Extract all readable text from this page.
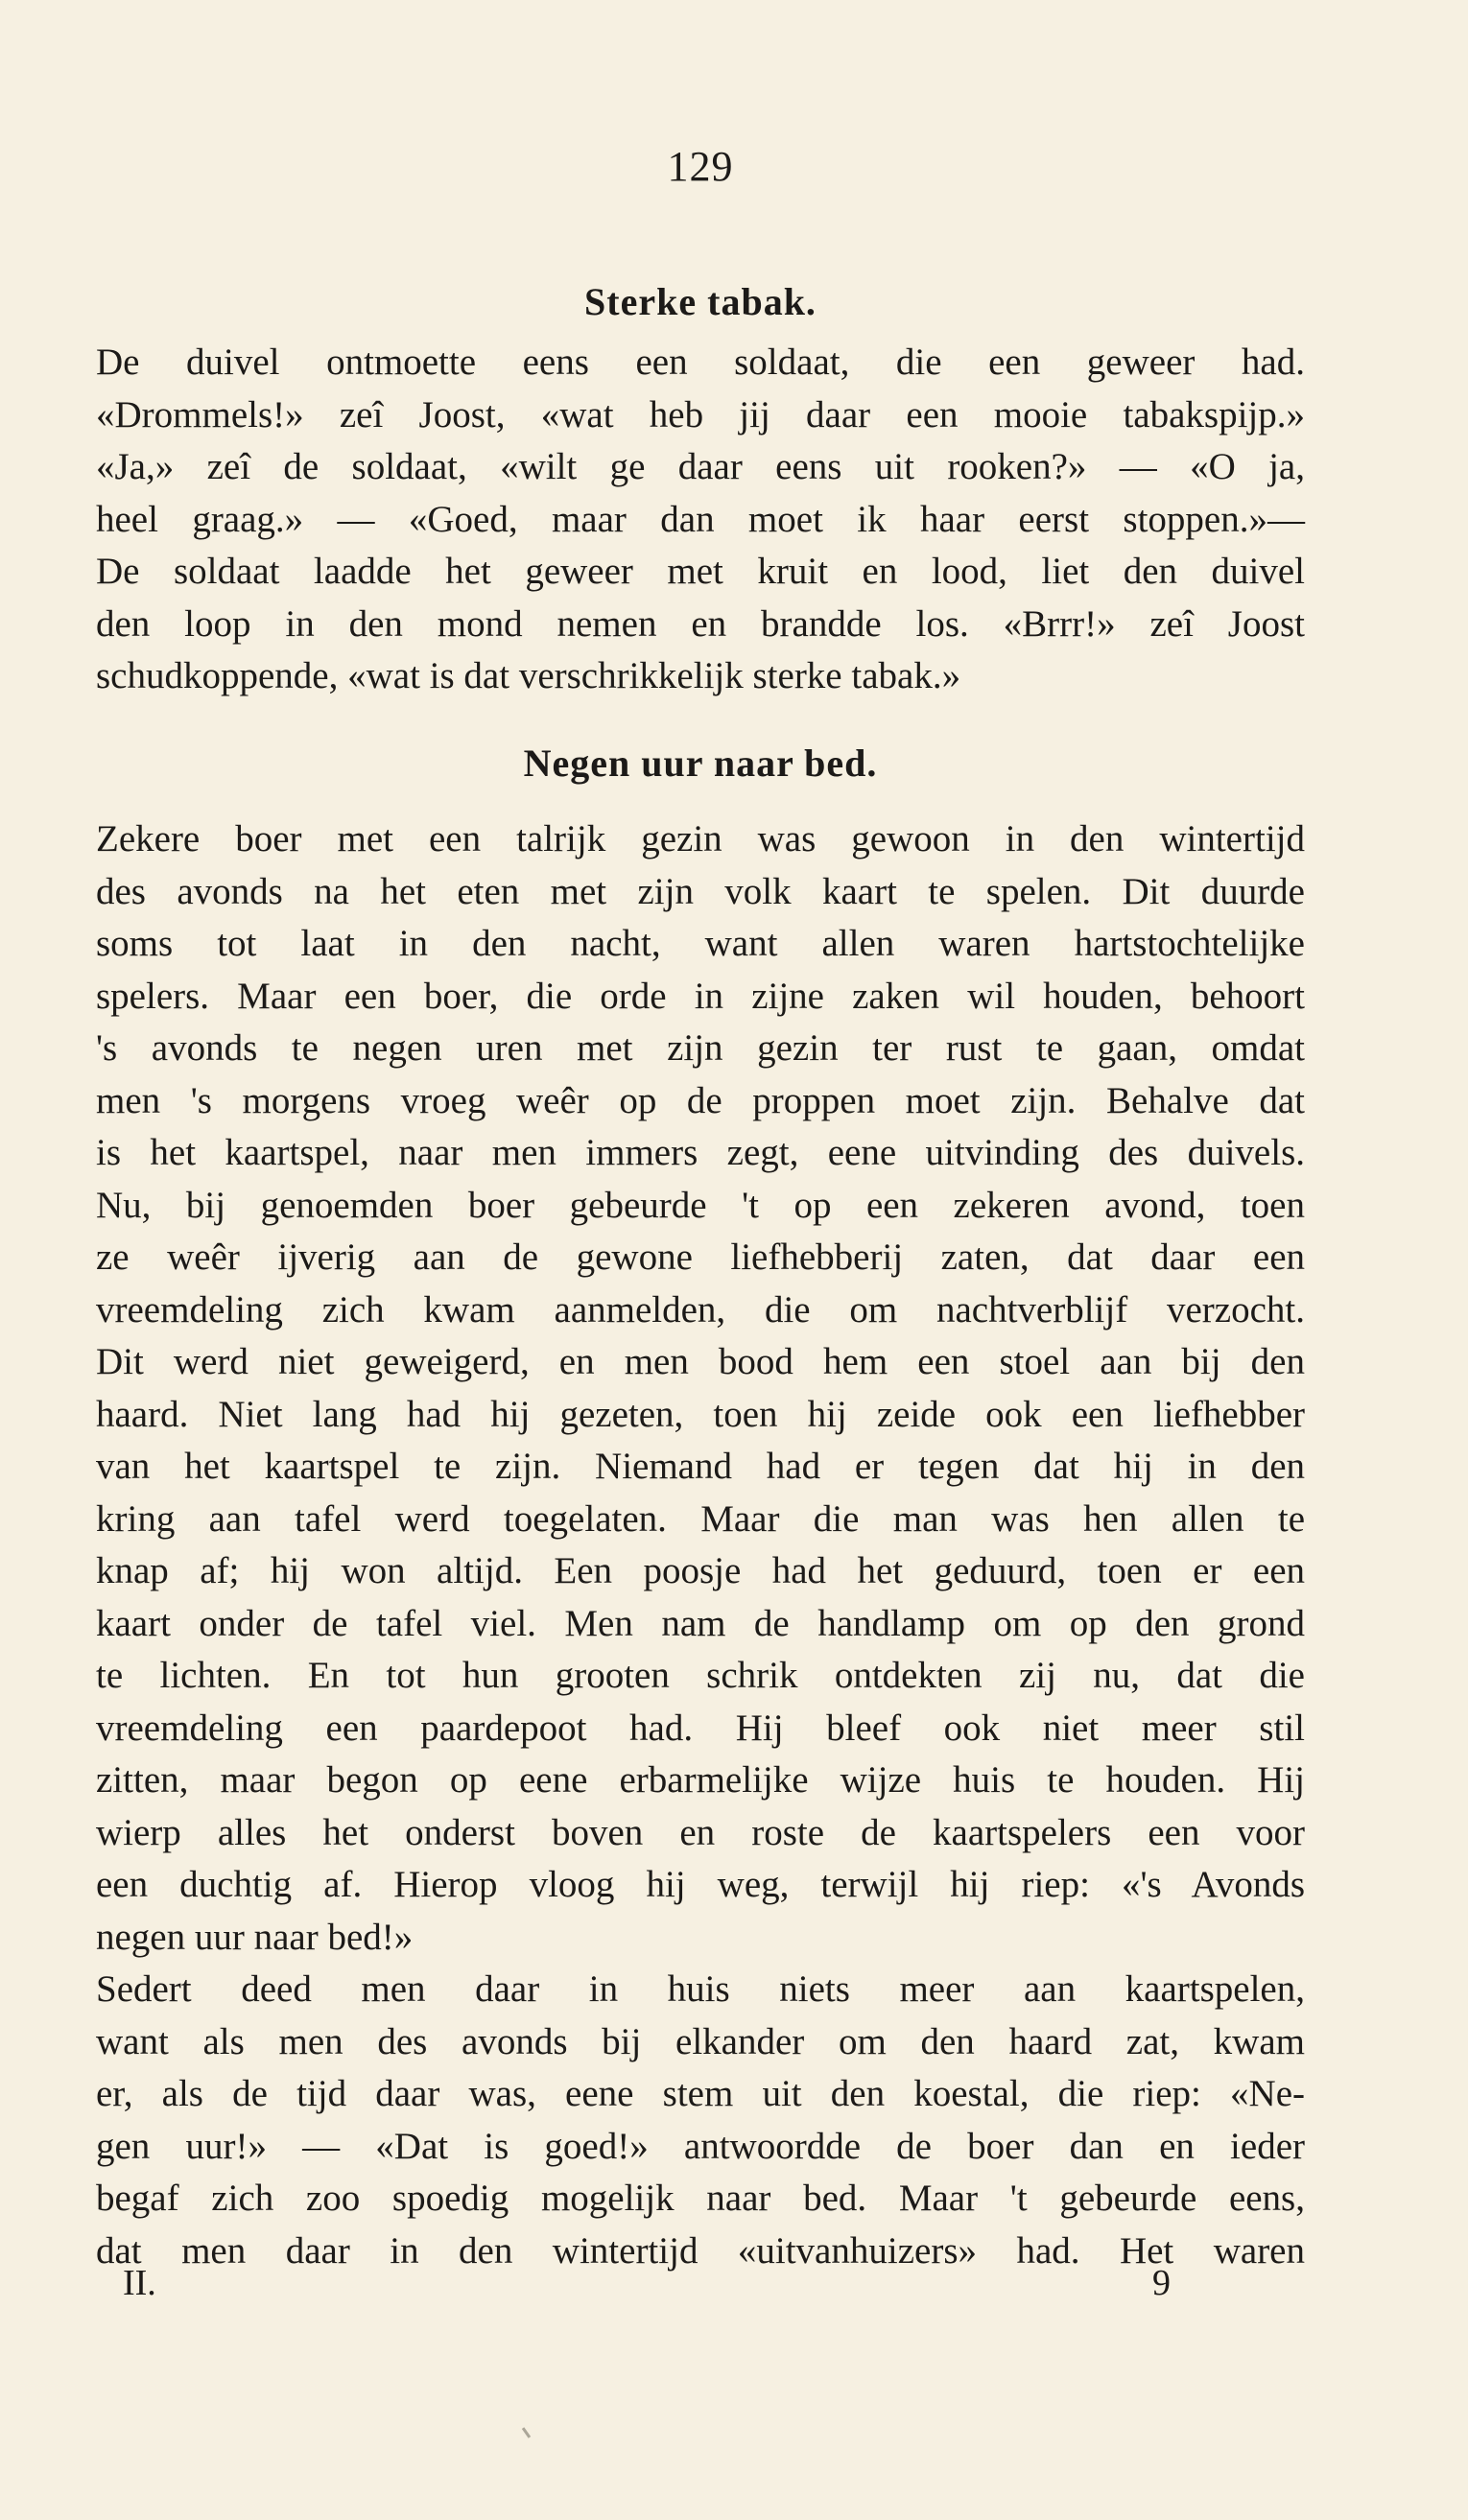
129
Sterke tabak.
De duivel ontmoette eens een soldaat, die een geweer had.
«Drommels!» zeî Joost, «wat heb jij daar een mooie tabakspijp.»
«Ja,» zeî de soldaat, «wilt ge daar eens uit rooken?» — «O ja,
heel graag.» — «Goed, maar dan moet ik haar eerst stoppen.»—
De soldaat laadde het geweer met kruit en lood, liet den duivel
den loop in den mond nemen en brandde los. «Brrr!» zeî Joost
schudkoppende, «wat is dat verschrikkelijk sterke tabak.»
Negen uur naar bed.
Zekere boer met een talrijk gezin was gewoon in den wintertijd
des avonds na het eten met zijn volk kaart te spelen. Dit duurde
soms tot laat in den nacht, want allen waren hartstochtelijke
spelers. Maar een boer, die orde in zijne zaken wil houden, behoort
's avonds te negen uren met zijn gezin ter rust te gaan, omdat
men 's morgens vroeg weêr op de proppen moet zijn. Behalve dat
is het kaartspel, naar men immers zegt, eene uitvinding des duivels.
Nu, bij genoemden boer gebeurde 't op een zekeren avond, toen
ze weêr ijverig aan de gewone liefhebberij zaten, dat daar een
vreemdeling zich kwam aanmelden, die om nachtverblijf verzocht.
Dit werd niet geweigerd, en men bood hem een stoel aan bij den
haard. Niet lang had hij gezeten, toen hij zeide ook een liefhebber
van het kaartspel te zijn. Niemand had er tegen dat hij in den
kring aan tafel werd toegelaten. Maar die man was hen allen te
knap af; hij won altijd. Een poosje had het geduurd, toen er een
kaart onder de tafel viel. Men nam de handlamp om op den grond
te lichten. En tot hun grooten schrik ontdekten zij nu, dat die
vreemdeling een paardepoot had. Hij bleef ook niet meer stil
zitten, maar begon op eene erbarmelijke wijze huis te houden. Hij
wierp alles het onderst boven en roste de kaartspelers een voor
een duchtig af. Hierop vloog hij weg, terwijl hij riep: «'s Avonds
negen uur naar bed!»
Sedert deed men daar in huis niets meer aan kaartspelen,
want als men des avonds bij elkander om den haard zat, kwam
er, als de tijd daar was, eene stem uit den koestal, die riep: «Ne-
gen uur!» — «Dat is goed!» antwoordde de boer dan en ieder
begaf zich zoo spoedig mogelijk naar bed. Maar 't gebeurde eens,
dat men daar in den wintertijd «uitvanhuizers» had. Het waren
II.	9
